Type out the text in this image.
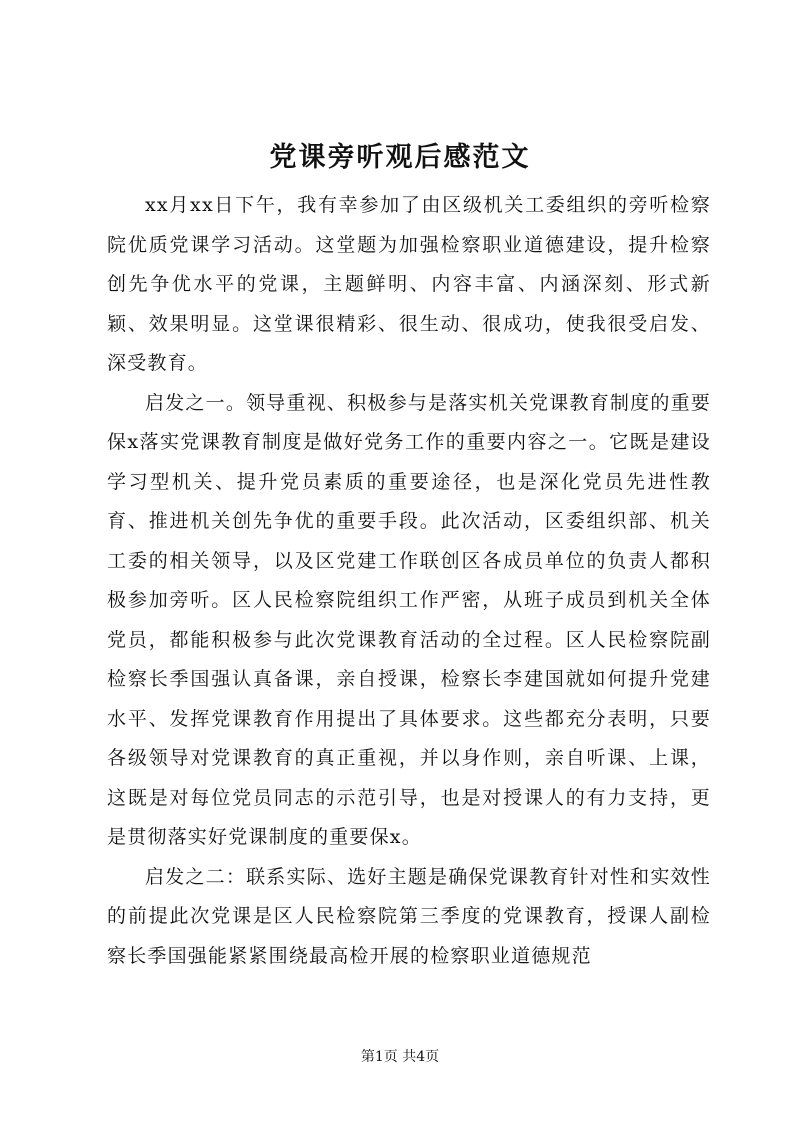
党课旁听观后感范文

xx月xx日下午，我有幸参加了由区级机关工委组织的旁听检察院优质党课学习活动。这堂题为加强检察职业道德建设，提升检察创先争优水平的党课，主题鲜明、内容丰富、内涵深刻、形式新颖、效果明显。这堂课很精彩、很生动、很成功，使我很受启发、深受教育。

启发之一。领导重视、积极参与是落实机关党课教育制度的重要保x落实党课教育制度是做好党务工作的重要内容之一。它既是建设学习型机关、提升党员素质的重要途径，也是深化党员先进性教育、推进机关创先争优的重要手段。此次活动，区委组织部、机关工委的相关领导，以及区党建工作联创区各成员单位的负责人都积极参加旁听。区人民检察院组织工作严密，从班子成员到机关全体党员，都能积极参与此次党课教育活动的全过程。区人民检察院副检察长季国强认真备课，亲自授课，检察长李建国就如何提升党建水平、发挥党课教育作用提出了具体要求。这些都充分表明，只要各级领导对党课教育的真正重视，并以身作则，亲自听课、上课，这既是对每位党员同志的示范引导，也是对授课人的有力支持，更是贯彻落实好党课制度的重要保x。

启发之二：联系实际、选好主题是确保党课教育针对性和实效性的前提此次党课是区人民检察院第三季度的党课教育，授课人副检察长季国强能紧紧围绕最高检开展的检察职业道德规范

第1页 共4页
